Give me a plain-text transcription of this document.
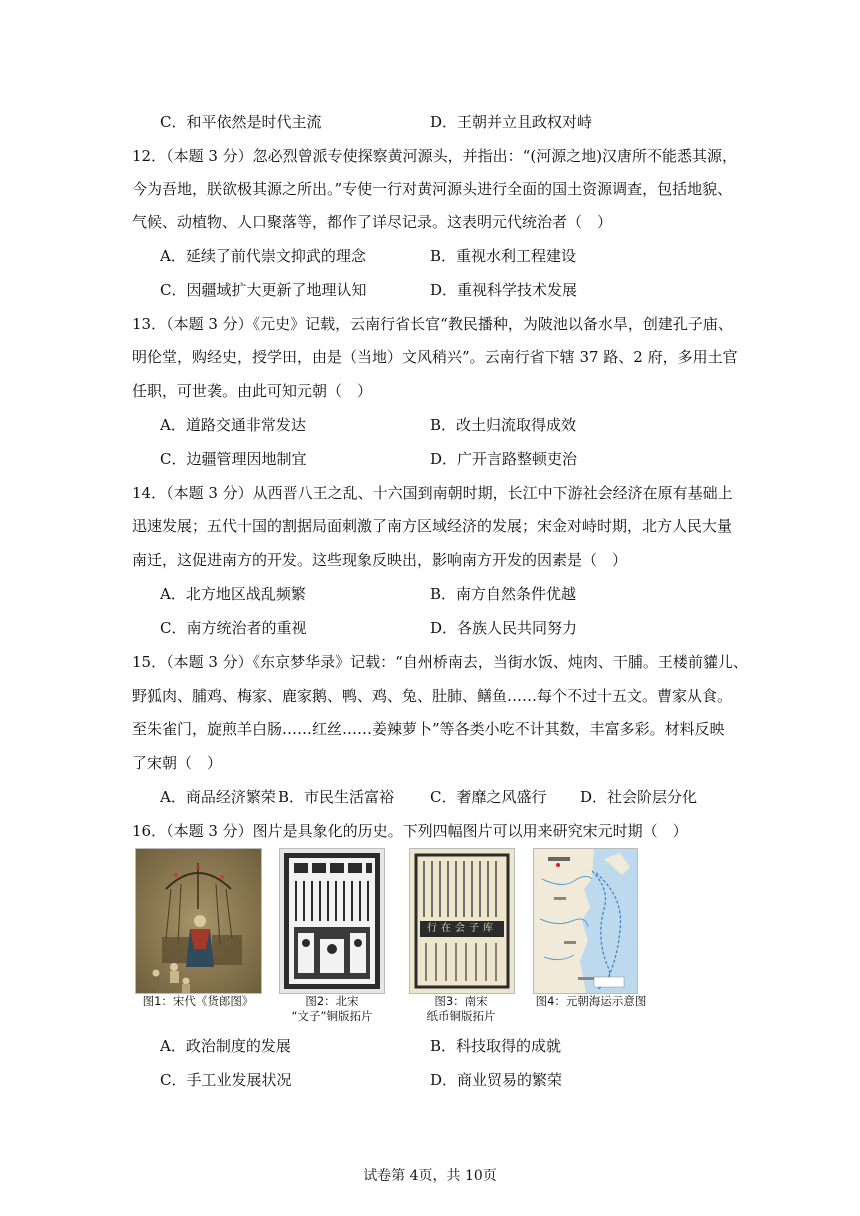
C．和平依然是时代主流	D．王朝并立且政权对峙
12．（本题 3 分）忽必烈曾派专使探察黄河源头，并指出：“(河源之地)汉唐所不能悉其源，
今为吾地，朕欲极其源之所出。”专使一行对黄河源头进行全面的国土资源调查，包括地貌、
气候、动植物、人口聚落等，都作了详尽记录。这表明元代统治者（　）
A．延续了前代崇文抑武的理念	B．重视水利工程建设
C．因疆域扩大更新了地理认知	D．重视科学技术发展
13．（本题 3 分）《元史》记载，云南行省长官“教民播种，为陂池以备水旱，创建孔子庙、
明伦堂，购经史，授学田，由是（当地）文风稍兴”。云南行省下辖 37 路、2 府，多用土官
任职，可世袭。由此可知元朝（　）
A．道路交通非常发达	B．改土归流取得成效
C．边疆管理因地制宜	D．广开言路整顿吏治
14．（本题 3 分）从西晋八王之乱、十六国到南朝时期，长江中下游社会经济在原有基础上
迅速发展；五代十国的割据局面刺激了南方区域经济的发展；宋金对峙时期，北方人民大量
南迁，这促进南方的开发。这些现象反映出，影响南方开发的因素是（　）
A．北方地区战乱频繁	B．南方自然条件优越
C．南方统治者的重视	D．各族人民共同努力
15．（本题 3 分）《东京梦华录》记载：“自州桥南去，当街水饭、炖肉、干脯。王楼前貛儿、
野狐肉、脯鸡、梅家、鹿家鹅、鸭、鸡、兔、肚肺、鳝鱼……每个不过十五文。曹家从食。
至朱雀门，旋煎羊白肠……红丝……姜辣萝卜”等各类小吃不计其数，丰富多彩。材料反映
了宋朝（　）
A．商品经济繁荣 B．市民生活富裕 C．奢靡之风盛行 D．社会阶层分化
16．（本题 3 分）图片是具象化的历史。下列四幅图片可以用来研究宋元时期（　）
行在会子库
图1：宋代《货郎图》	图2：北宋
“文子”铜版拓片
图3：南宋
纸币铜版拓片
图4：元朝海运示意图
A．政治制度的发展	B．科技取得的成就
C．手工业发展状况	D．商业贸易的繁荣
试卷第 4页，共 10页
